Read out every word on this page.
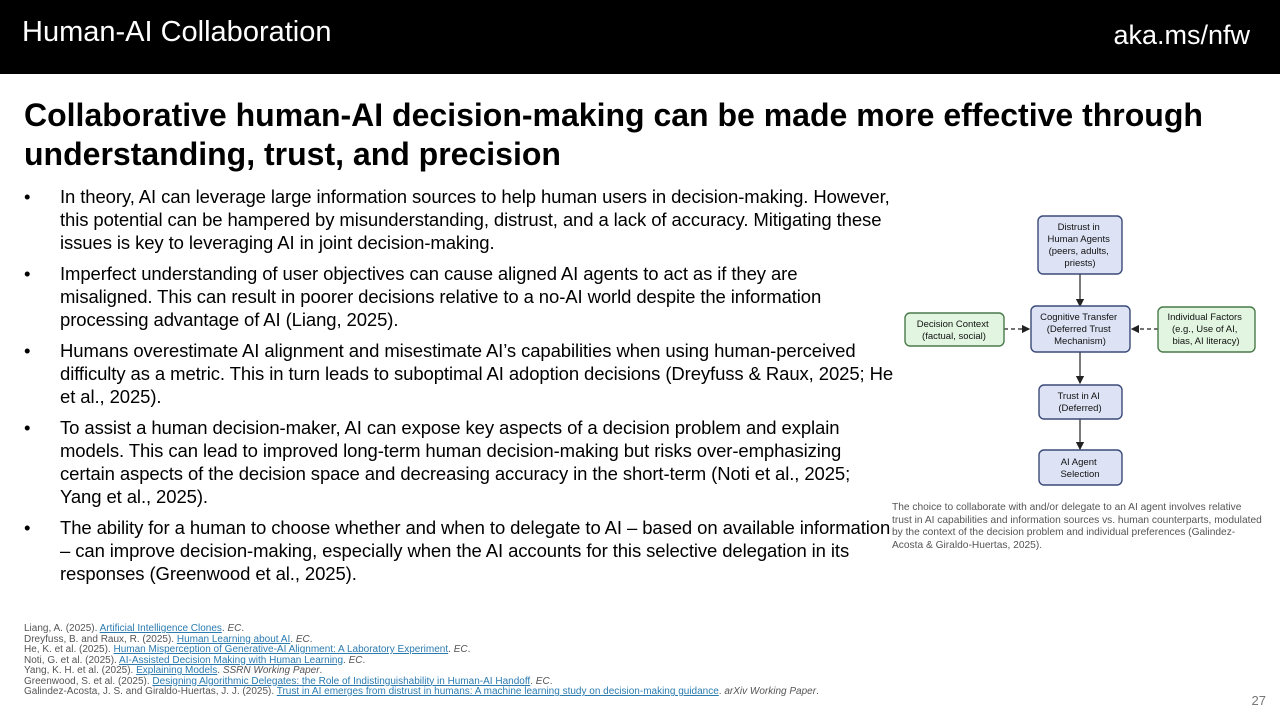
Human-AI Collaboration	aka.ms/nfw
Collaborative human-AI decision-making can be made more effective through understanding, trust, and precision
• In theory, AI can leverage large information sources to help human users in decision-making. However, this potential can be hampered by misunderstanding, distrust, and a lack of accuracy. Mitigating these issues is key to leveraging AI in joint decision-making.
• Imperfect understanding of user objectives can cause aligned AI agents to act as if they are misaligned. This can result in poorer decisions relative to a no-AI world despite the information processing advantage of AI (Liang, 2025).
• Humans overestimate AI alignment and misestimate AI’s capabilities when using human-perceived difficulty as a metric. This in turn leads to suboptimal AI adoption decisions (Dreyfuss & Raux, 2025; He et al., 2025).
• To assist a human decision-maker, AI can expose key aspects of a decision problem and explain models. This can lead to improved long-term human decision-making but risks over-emphasizing certain aspects of the decision space and decreasing accuracy in the short-term (Noti et al., 2025; Yang et al., 2025).
• The ability for a human to choose whether and when to delegate to AI – based on available information – can improve decision-making, especially when the AI accounts for this selective delegation in its responses (Greenwood et al., 2025).
Distrust in Human Agents (peers, adults, priests)
Cognitive Transfer (Deferred Trust Mechanism)
Decision Context (factual, social)
Individual Factors (e.g., Use of AI, bias, AI literacy)
Trust in AI (Deferred)
AI Agent Selection

The choice to collaborate with and/or delegate to an AI agent involves relative trust in AI capabilities and information sources vs. human counterparts, modulated by the context of the decision problem and individual preferences (Galindez-Acosta & Giraldo-Huertas, 2025).

Liang, A. (2025). Artificial Intelligence Clones. EC.
Dreyfuss, B. and Raux, R. (2025). Human Learning about AI. EC.
He, K. et al. (2025). Human Misperception of Generative-AI Alignment: A Laboratory Experiment. EC.
Noti, G. et al. (2025). AI-Assisted Decision Making with Human Learning. EC.
Yang, K. H. et al. (2025). Explaining Models. SSRN Working Paper.
Greenwood, S. et al. (2025). Designing Algorithmic Delegates: the Role of Indistinguishability in Human-AI Handoff. EC.
Galindez-Acosta, J. S. and Giraldo-Huertas, J. J. (2025). Trust in AI emerges from distrust in humans: A machine learning study on decision-making guidance. arXiv Working Paper.
27
